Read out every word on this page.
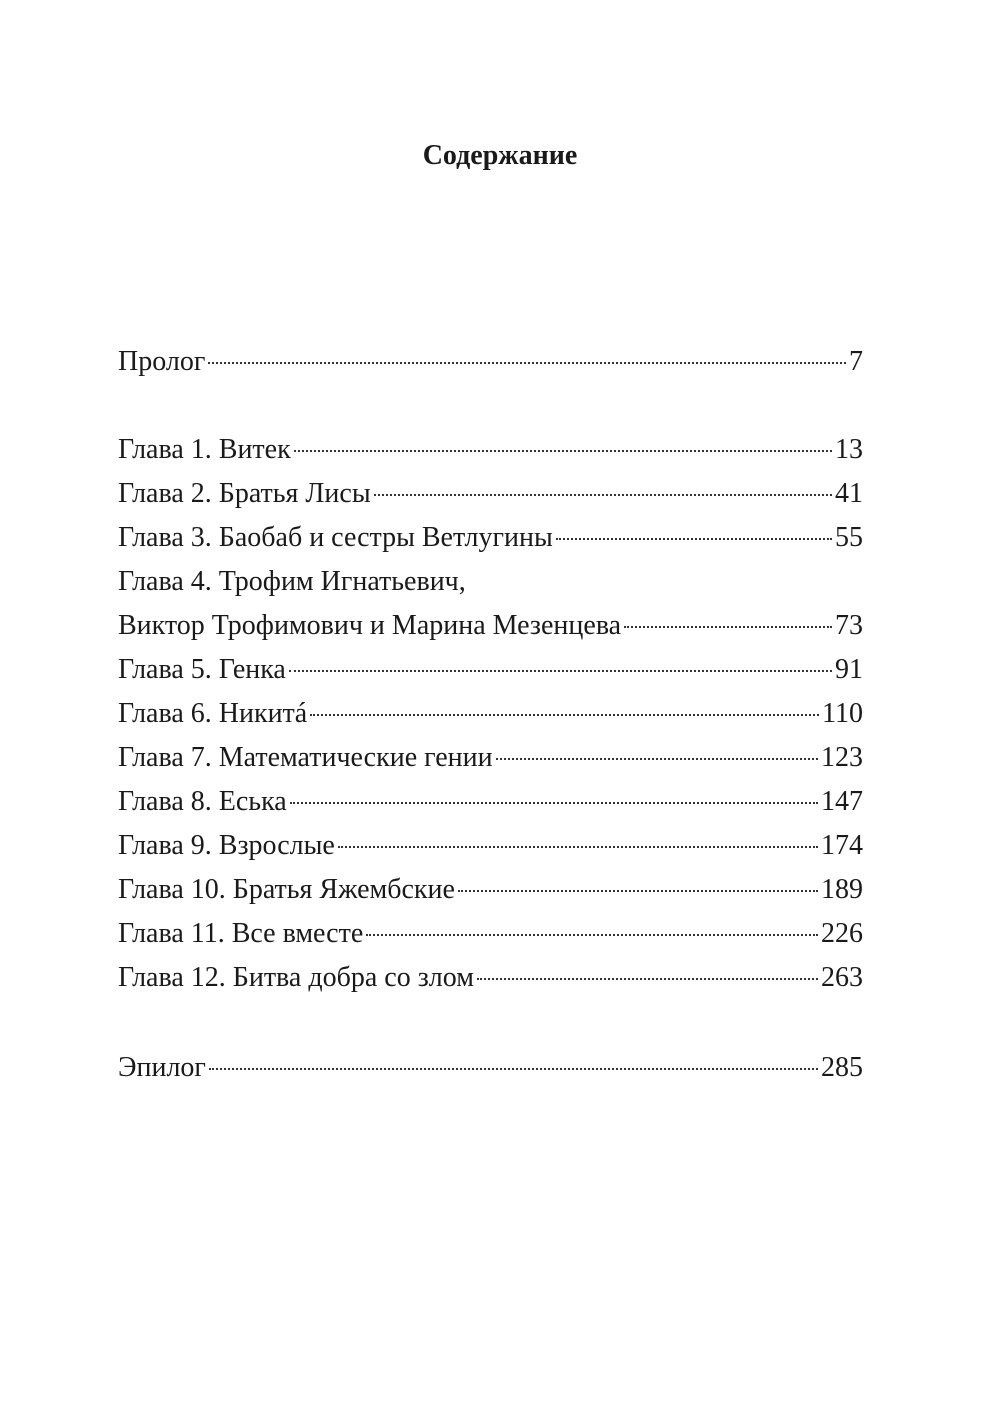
Содержание
Пролог	7
Глава 1. Витек	13
Глава 2. Братья Лисы	41
Глава 3. Баобаб и сестры Ветлугины	55
Глава 4. Трофим Игнатьевич,
Виктор Трофимович и Марина Мезенцева	73
Глава 5. Генка	91
Глава 6. Никитá	110
Глава 7. Математические гении	123
Глава 8. Еська	147
Глава 9. Взрослые	174
Глава 10. Братья Яжембские	189
Глава 11. Все вместе	226
Глава 12. Битва добра со злом	263
Эпилог	285
